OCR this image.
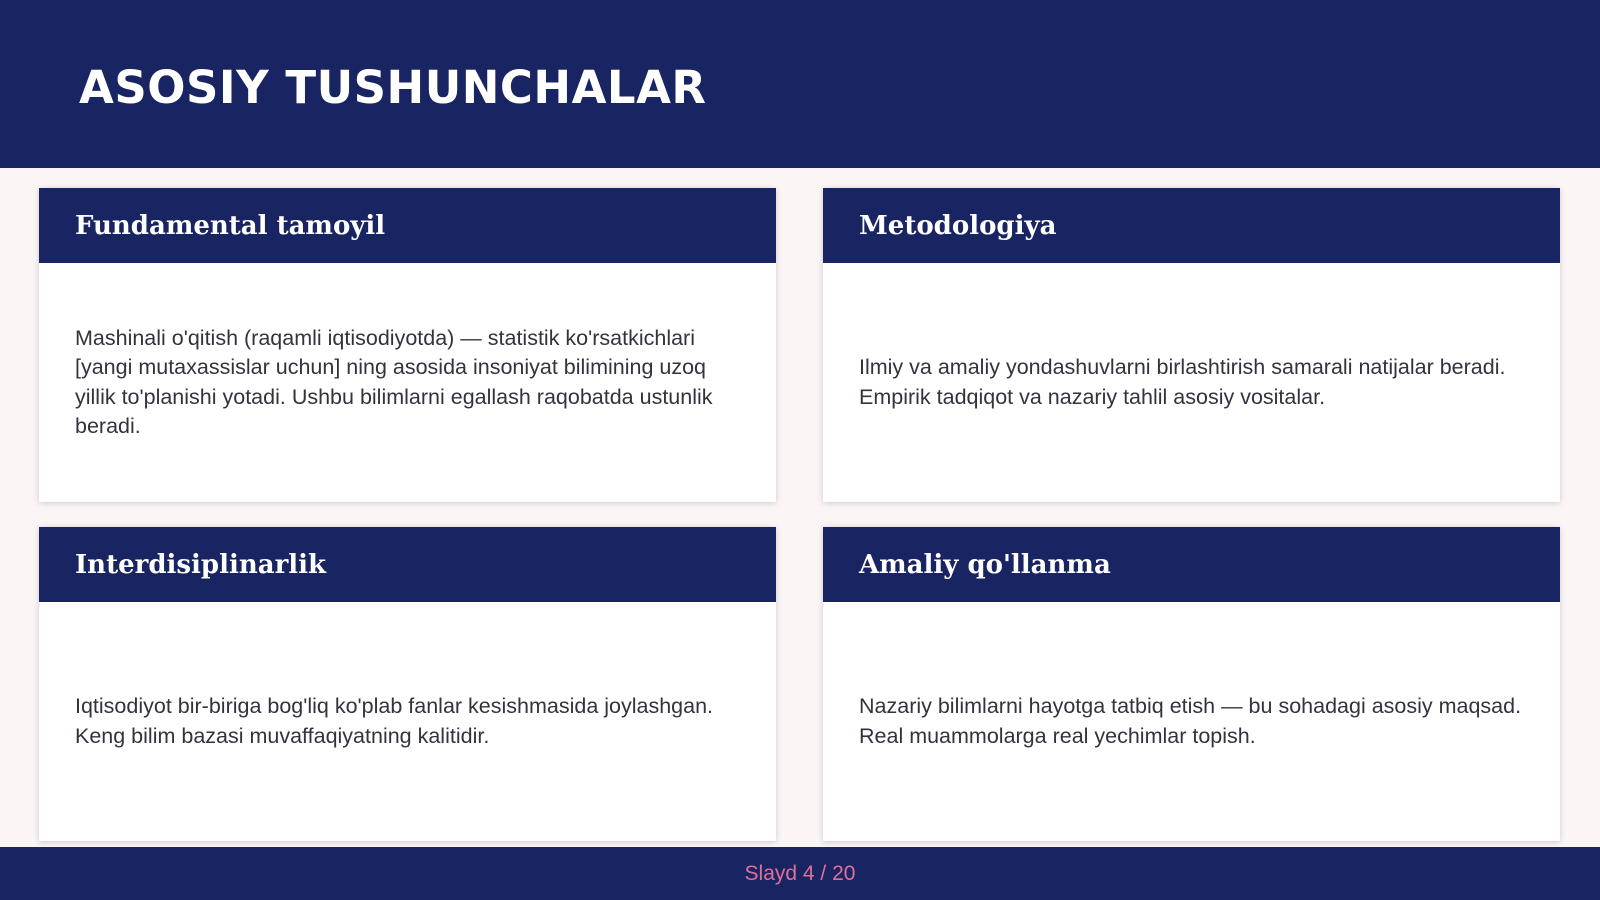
ASOSIY TUSHUNCHALAR
Fundamental tamoyil

Mashinali o'qitish (raqamli iqtisodiyotda) — statistik ko'rsatkichlari [yangi mutaxassislar uchun] ning asosida insoniyat bilimining uzoq yillik to'planishi yotadi. Ushbu bilimlarni egallash raqobatda ustunlik beradi.

Metodologiya

Ilmiy va amaliy yondashuvlarni birlashtirish samarali natijalar beradi. Empirik tadqiqot va nazariy tahlil asosiy vositalar.

Interdisiplinarlik

Iqtisodiyot bir-biriga bog'liq ko'plab fanlar kesishmasida joylashgan. Keng bilim bazasi muvaffaqiyatning kalitidir.

Amaliy qo'llanma

Nazariy bilimlarni hayotga tatbiq etish — bu sohadagi asosiy maqsad. Real muammolarga real yechimlar topish.

Slayd 4 / 20
